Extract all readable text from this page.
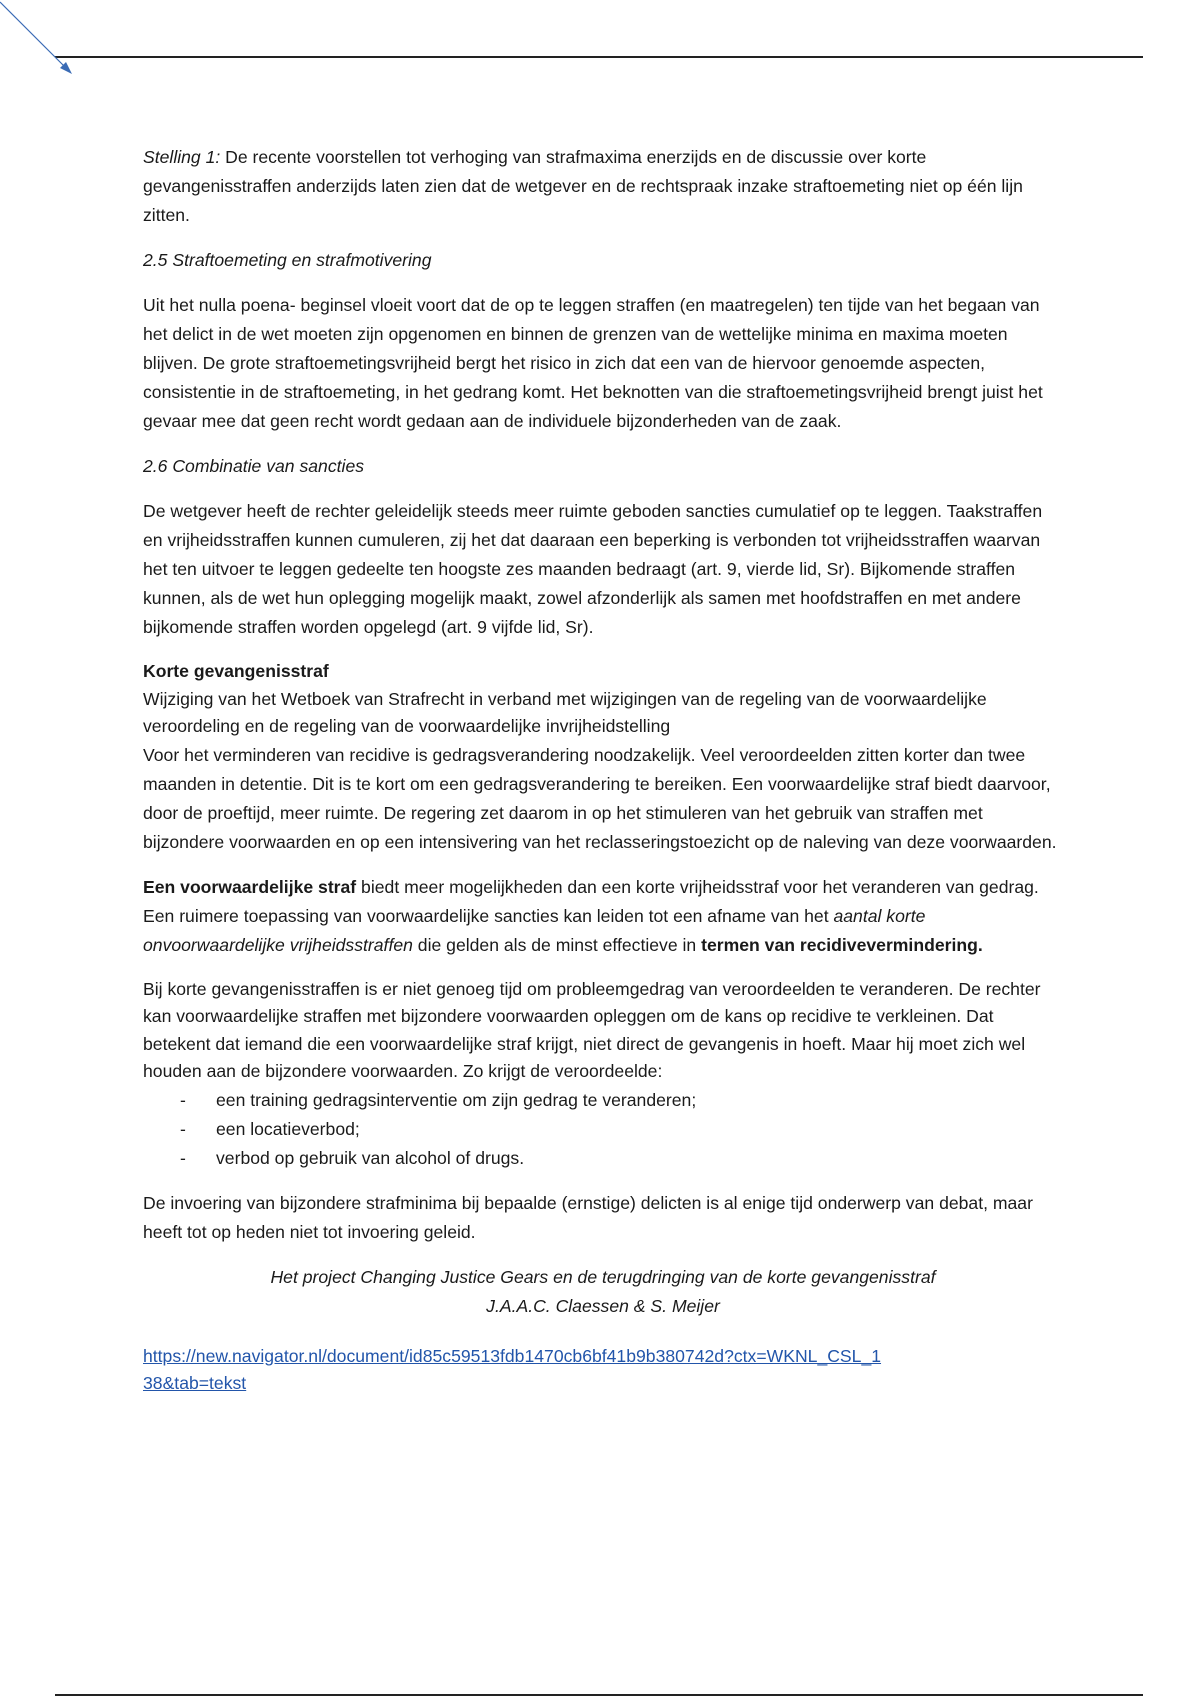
Stelling 1: De recente voorstellen tot verhoging van strafmaxima enerzijds en de discussie over korte gevangenisstraffen anderzijds laten zien dat de wetgever en de rechtspraak inzake straftoemeting niet op één lijn zitten.

2.5 Straftoemeting en strafmotivering

Uit het nulla poena- beginsel vloeit voort dat de op te leggen straffen (en maatregelen) ten tijde van het begaan van het delict in de wet moeten zijn opgenomen en binnen de grenzen van de wettelijke minima en maxima moeten blijven. De grote straftoemetingsvrijheid bergt het risico in zich dat een van de hiervoor genoemde aspecten, consistentie in de straftoemeting, in het gedrang komt. Het beknotten van die straftoemetingsvrijheid brengt juist het gevaar mee dat geen recht wordt gedaan aan de individuele bijzonderheden van de zaak.

2.6 Combinatie van sancties

De wetgever heeft de rechter geleidelijk steeds meer ruimte geboden sancties cumulatief op te leggen. Taakstraffen en vrijheidsstraffen kunnen cumuleren, zij het dat daaraan een beperking is verbonden tot vrijheidsstraffen waarvan het ten uitvoer te leggen gedeelte ten hoogste zes maanden bedraagt (art. 9, vierde lid, Sr). Bijkomende straffen kunnen, als de wet hun oplegging mogelijk maakt, zowel afzonderlijk als samen met hoofdstraffen en met andere bijkomende straffen worden opgelegd (art. 9 vijfde lid, Sr).

Korte gevangenisstraf
Wijziging van het Wetboek van Strafrecht in verband met wijzigingen van de regeling van de voorwaardelijke veroordeling en de regeling van de voorwaardelijke invrijheidstelling

Voor het verminderen van recidive is gedragsverandering noodzakelijk. Veel veroordeelden zitten korter dan twee maanden in detentie. Dit is te kort om een gedragsverandering te bereiken. Een voorwaardelijke straf biedt daarvoor, door de proeftijd, meer ruimte. De regering zet daarom in op het stimuleren van het gebruik van straffen met bijzondere voorwaarden en op een intensivering van het reclasseringstoezicht op de naleving van deze voorwaarden.

Een voorwaardelijke straf biedt meer mogelijkheden dan een korte vrijheidsstraf voor het veranderen van gedrag. Een ruimere toepassing van voorwaardelijke sancties kan leiden tot een afname van het aantal korte onvoorwaardelijke vrijheidsstraffen die gelden als de minst effectieve in termen van recidivevermindering.

Bij korte gevangenisstraffen is er niet genoeg tijd om probleemgedrag van veroordeelden te veranderen. De rechter kan voorwaardelijke straffen met bijzondere voorwaarden opleggen om de kans op recidive te verkleinen. Dat betekent dat iemand die een voorwaardelijke straf krijgt, niet direct de gevangenis in hoeft. Maar hij moet zich wel houden aan de bijzondere voorwaarden. Zo krijgt de veroordeelde:
- een training gedragsinterventie om zijn gedrag te veranderen;
- een locatieverbod;
- verbod op gebruik van alcohol of drugs.

De invoering van bijzondere strafminima bij bepaalde (ernstige) delicten is al enige tijd onderwerp van debat, maar heeft tot op heden niet tot invoering geleid.

Het project Changing Justice Gears en de terugdringing van de korte gevangenisstraf
J.A.A.C. Claessen & S. Meijer
https://new.navigator.nl/document/id85c59513fdb1470cb6bf41b9b380742d?ctx=WKNL_CSL_138&tab=tekst
